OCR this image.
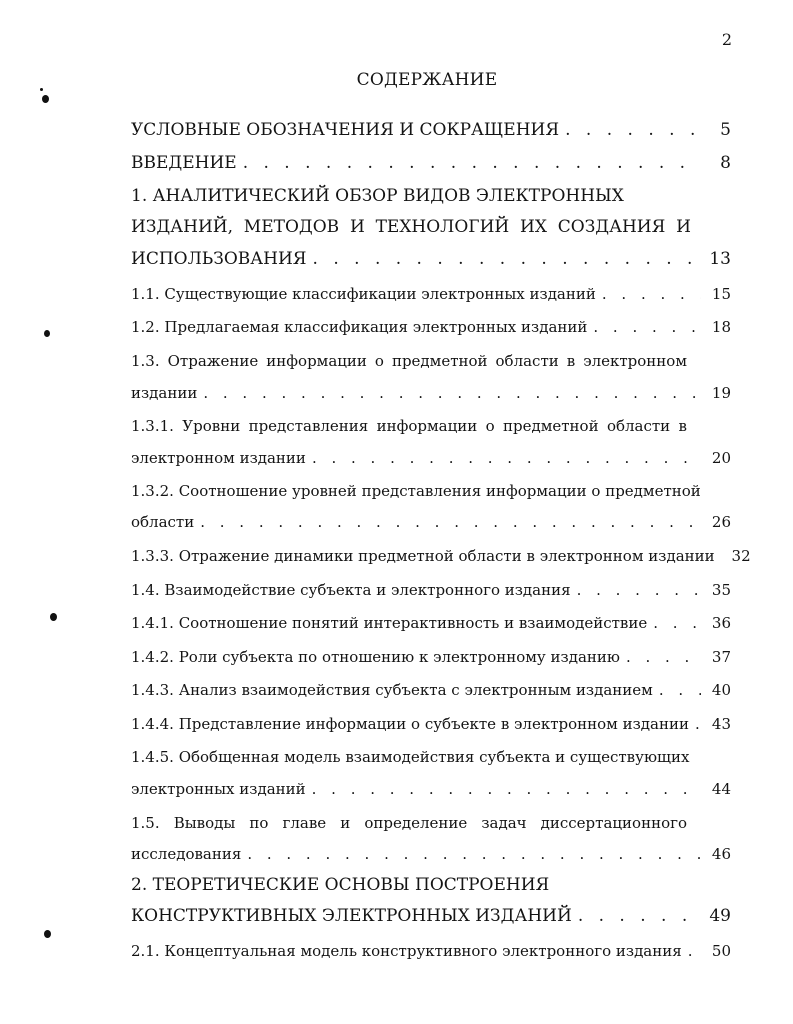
2
СОДЕРЖАНИЕ
УСЛОВНЫЕ ОБОЗНАЧЕНИЯ И СОКРАЩЕНИЯ . . .	5
ВВЕДЕНИЕ . . .	8
1. АНАЛИТИЧЕСКИЙ ОБЗОР ВИДОВ ЭЛЕКТРОННЫХ
ИЗДАНИЙ, МЕТОДОВ И ТЕХНОЛОГИЙ ИХ СОЗДАНИЯ И
ИСПОЛЬЗОВАНИЯ . . .	13
1.1. Существующие классификации электронных изданий . . .	15
1.2. Предлагаемая классификация электронных изданий . . .	18
1.3. Отражение информации о предметной области в электронном
издании . . .	19
1.3.1. Уровни представления информации о предметной области в
электронном издании . . .	20
1.3.2. Соотношение уровней представления информации о предметной
области . . .	26
1.3.3. Отражение динамики предметной области в электронном издании	32
1.4. Взаимодействие субъекта и электронного издания . . .	35
1.4.1. Соотношение понятий интерактивность и взаимодействие . . .	36
1.4.2. Роли субъекта по отношению к электронному изданию . . .	37
1.4.3. Анализ взаимодействия субъекта с электронным изданием . . .	40
1.4.4. Представление информации о субъекте в электронном издании . . .	43
1.4.5. Обобщенная модель взаимодействия субъекта и существующих
электронных изданий . . .	44
1.5. Выводы по главе и определение задач диссертационного
исследования . . .	46
2. ТЕОРЕТИЧЕСКИЕ ОСНОВЫ ПОСТРОЕНИЯ
КОНСТРУКТИВНЫХ ЭЛЕКТРОННЫХ ИЗДАНИЙ . . .	49
2.1. Концептуальная модель конструктивного электронного издания . . .	50
